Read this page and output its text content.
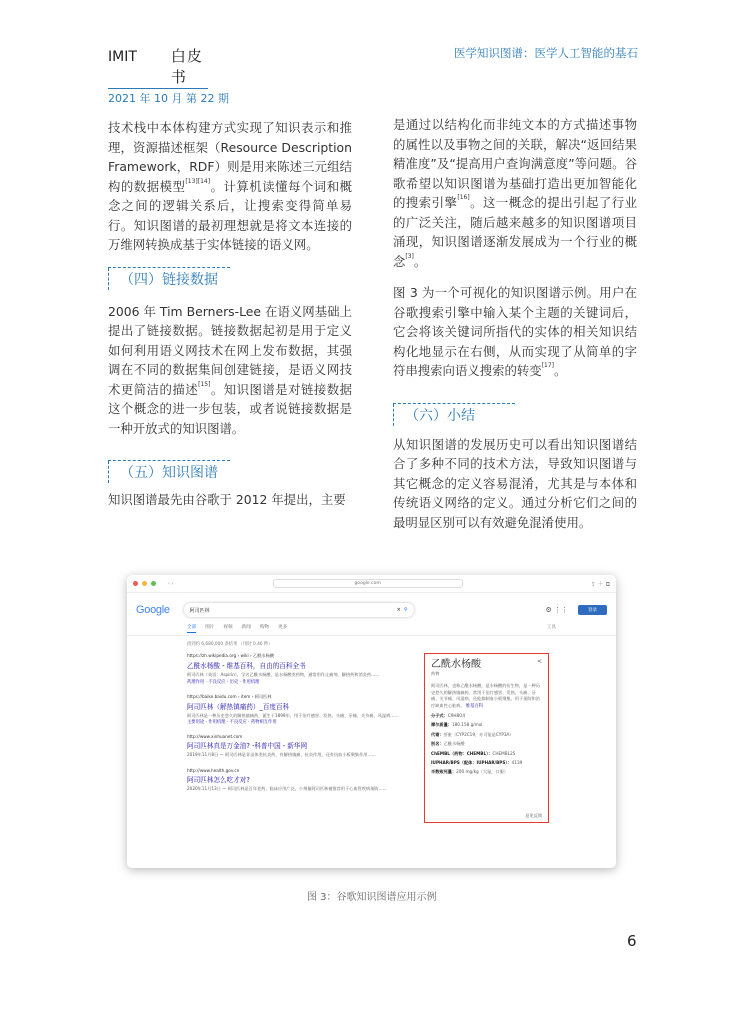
IMIT 白皮书
2021 年 10 月 第 22 期
医学知识图谱：医学人工智能的基石

技术栈中本体构建方式实现了知识表示和推理，资源描述框架（Resource Description Framework，RDF）则是用来陈述三元组结构的数据模型[13][14]。计算机读懂每个词和概念之间的逻辑关系后，让搜索变得简单易行。知识图谱的最初理想就是将文本连接的万维网转换成基于实体链接的语义网。

（四）链接数据

2006 年 Tim Berners-Lee 在语义网基础上提出了链接数据。链接数据起初是用于定义如何利用语义网技术在网上发布数据，其强调在不同的数据集间创建链接，是语义网技术更简洁的描述[15]。知识图谱是对链接数据这个概念的进一步包装，或者说链接数据是一种开放式的知识图谱。

（五）知识图谱

知识图谱最先由谷歌于 2012 年提出，主要

是通过以结构化而非纯文本的方式描述事物的属性以及事物之间的关联，解决“返回结果精准度”及“提高用户查询满意度”等问题。谷歌希望以知识图谱为基础打造出更加智能化的搜索引擎[16]。这一概念的提出引起了行业的广泛关注，随后越来越多的知识图谱项目涌现，知识图谱逐渐发展成为一个行业的概念[3]。

图 3 为一个可视化的知识图谱示例。用户在谷歌搜索引擎中输入某个主题的关键词后，它会将该关键词所指代的实体的相关知识结构化地显示在右侧，从而实现了从简单的字符串搜索向语义搜索的转变[17]。

（六）小结

从知识图谱的发展历史可以看出知识图谱结合了多种不同的技术方法，导致知识图谱与其它概念的定义容易混淆，尤其是与本体和传统语义网络的定义。通过分析它们之间的最明显区别可以有效避免混淆使用。

‹ ›	google.com	⇪ ＋ ⧉
Google	阿司匹林	× ⚲	⚙ ⋮⋮	登录
全部 图片 视频 新闻 购物 更多	工具
找到约 6,680,000 条结果 （用时 0.46 秒）
https://zh.wikipedia.org › wiki › 乙酰水杨酸
乙酰水杨酸 - 维基百科，自由的百科全书
阿司匹林（英语：Aspirin），学名乙酰水杨酸，是水杨酸类药物，通常用作止痛剂、解热药和消炎药……
药理作用 · 不良反应 · 历史 · 作用机理
https://baike.baidu.com › item › 阿司匹林
阿司匹林（解热镇痛药）_百度百科
阿司匹林是一种历史悠久的解热镇痛药，诞生于1899年，用于治疗感冒、发热、头痛、牙痛、关节痛、风湿病……
主要用途 · 作用机理 · 不良反应 · 药物相互作用
http://www.xinhuanet.com
阿司匹林真是万金油? -科普中国 - 新华网
2019年11月8日 — 阿司匹林是非甾体类抗炎药，有解热镇痛、抗炎作用，还有抗血小板聚集作用……
http://www.health.gov.cn
阿司匹林怎么吃才对?
2020年11月13日 — 阿司匹林是百年老药，临床应用广泛，小剂量阿司匹林被推荐用于心血管疾病预防……
乙酰水杨酸	<
药物
阿司匹林，也称乙酰水杨酸，是水杨酸的衍生物，是一种历史悠久的解热镇痛药，常用于治疗感冒、发热、头痛、牙痛、关节痛、风湿病，还能抑制血小板聚集，用于预防和治疗缺血性心脏病。 维基百科
分子式：C9H8O4
摩尔质量：180.158 g/mol
代谢：肝脏（CYP2C19，亦可能是CYP3A）
别名：乙酰水杨酸
ChEMBL（药物：CHEMBL）：CHEMBL25
IUPHAR/BPS（配体：IUPHAR/BPS）：4139
半数致死量：200 mg/kg（大鼠，口服）
意见反馈
图 3：谷歌知识图谱应用示例
6
